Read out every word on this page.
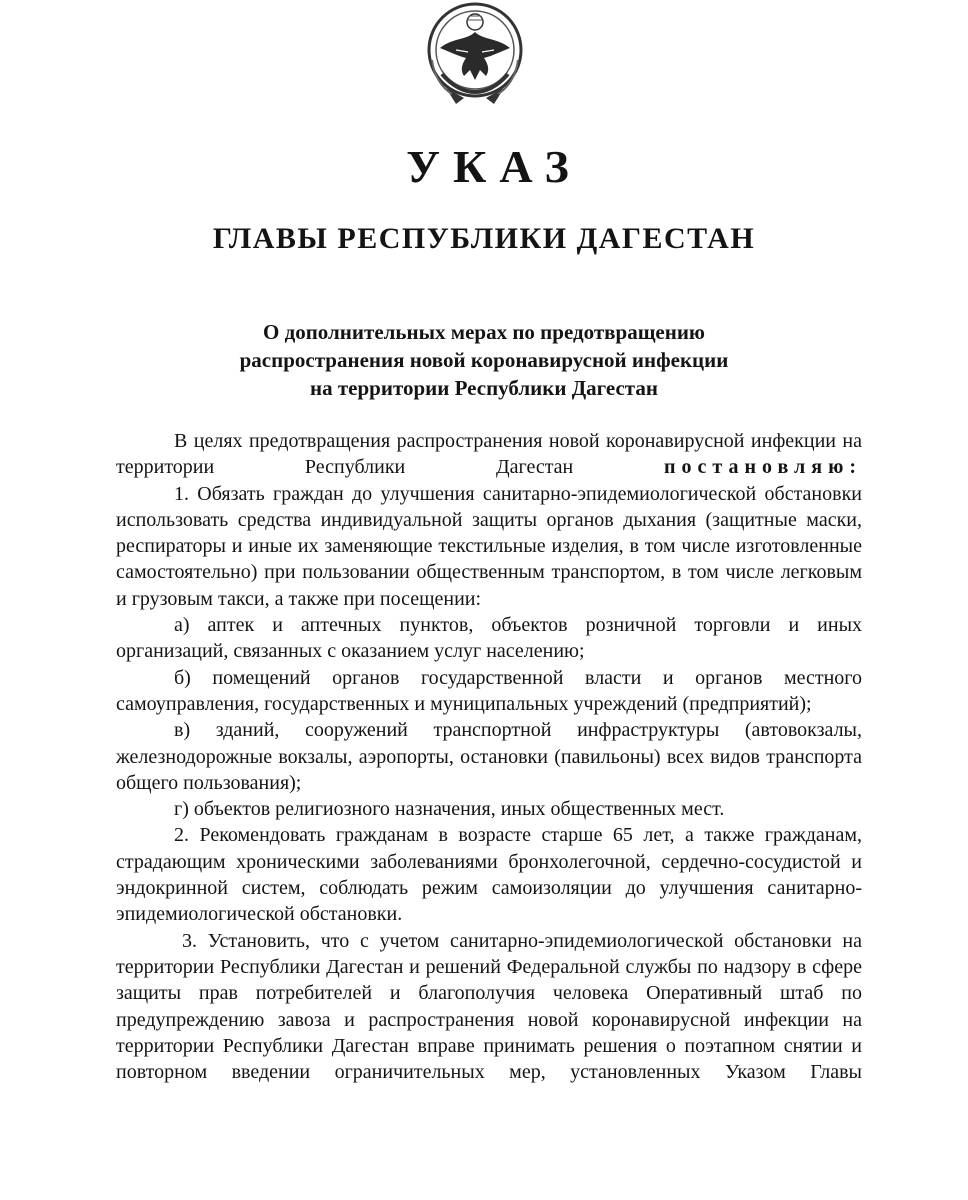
УКАЗ
ГЛАВЫ РЕСПУБЛИКИ ДАГЕСТАН
О дополнительных мерах по предотвращению
распространения новой коронавирусной инфекции
на территории Республики Дагестан

В целях предотвращения распространения новой коронавирусной инфекции на территории Республики Дагестан	постановляю:

1. Обязать граждан до улучшения санитарно-эпидемиологической обстановки использовать средства индивидуальной защиты органов дыхания (защитные маски, респираторы и иные их заменяющие текстильные изделия, в том числе изготовленные самостоятельно) при пользовании общественным транспортом, в том числе легковым и грузовым такси, а также при посещении:

а) аптек и аптечных пунктов, объектов розничной торговли и иных организаций, связанных с оказанием услуг населению;

б) помещений органов государственной власти и органов местного самоуправления, государственных и муниципальных учреждений (предприятий);

в) зданий, сооружений транспортной инфраструктуры (автовокзалы, железнодорожные вокзалы, аэропорты, остановки (павильоны) всех видов транспорта общего пользования);

г) объектов религиозного назначения, иных общественных мест.

2. Рекомендовать гражданам в возрасте старше 65 лет, а также гражданам, страдающим хроническими заболеваниями бронхолегочной, сердечно-сосудистой и эндокринной систем, соблюдать режим самоизоляции до улучшения санитарно-эпидемиологической обстановки.

3. Установить, что с учетом санитарно-эпидемиологической обстановки на территории Республики Дагестан и решений Федеральной службы по надзору в сфере защиты прав потребителей и благополучия человека Оперативный штаб по предупреждению завоза и распространения новой коронавирусной инфекции на территории Республики Дагестан вправе принимать решения о поэтапном снятии и повторном введении ограничительных мер, установленных Указом Главы
